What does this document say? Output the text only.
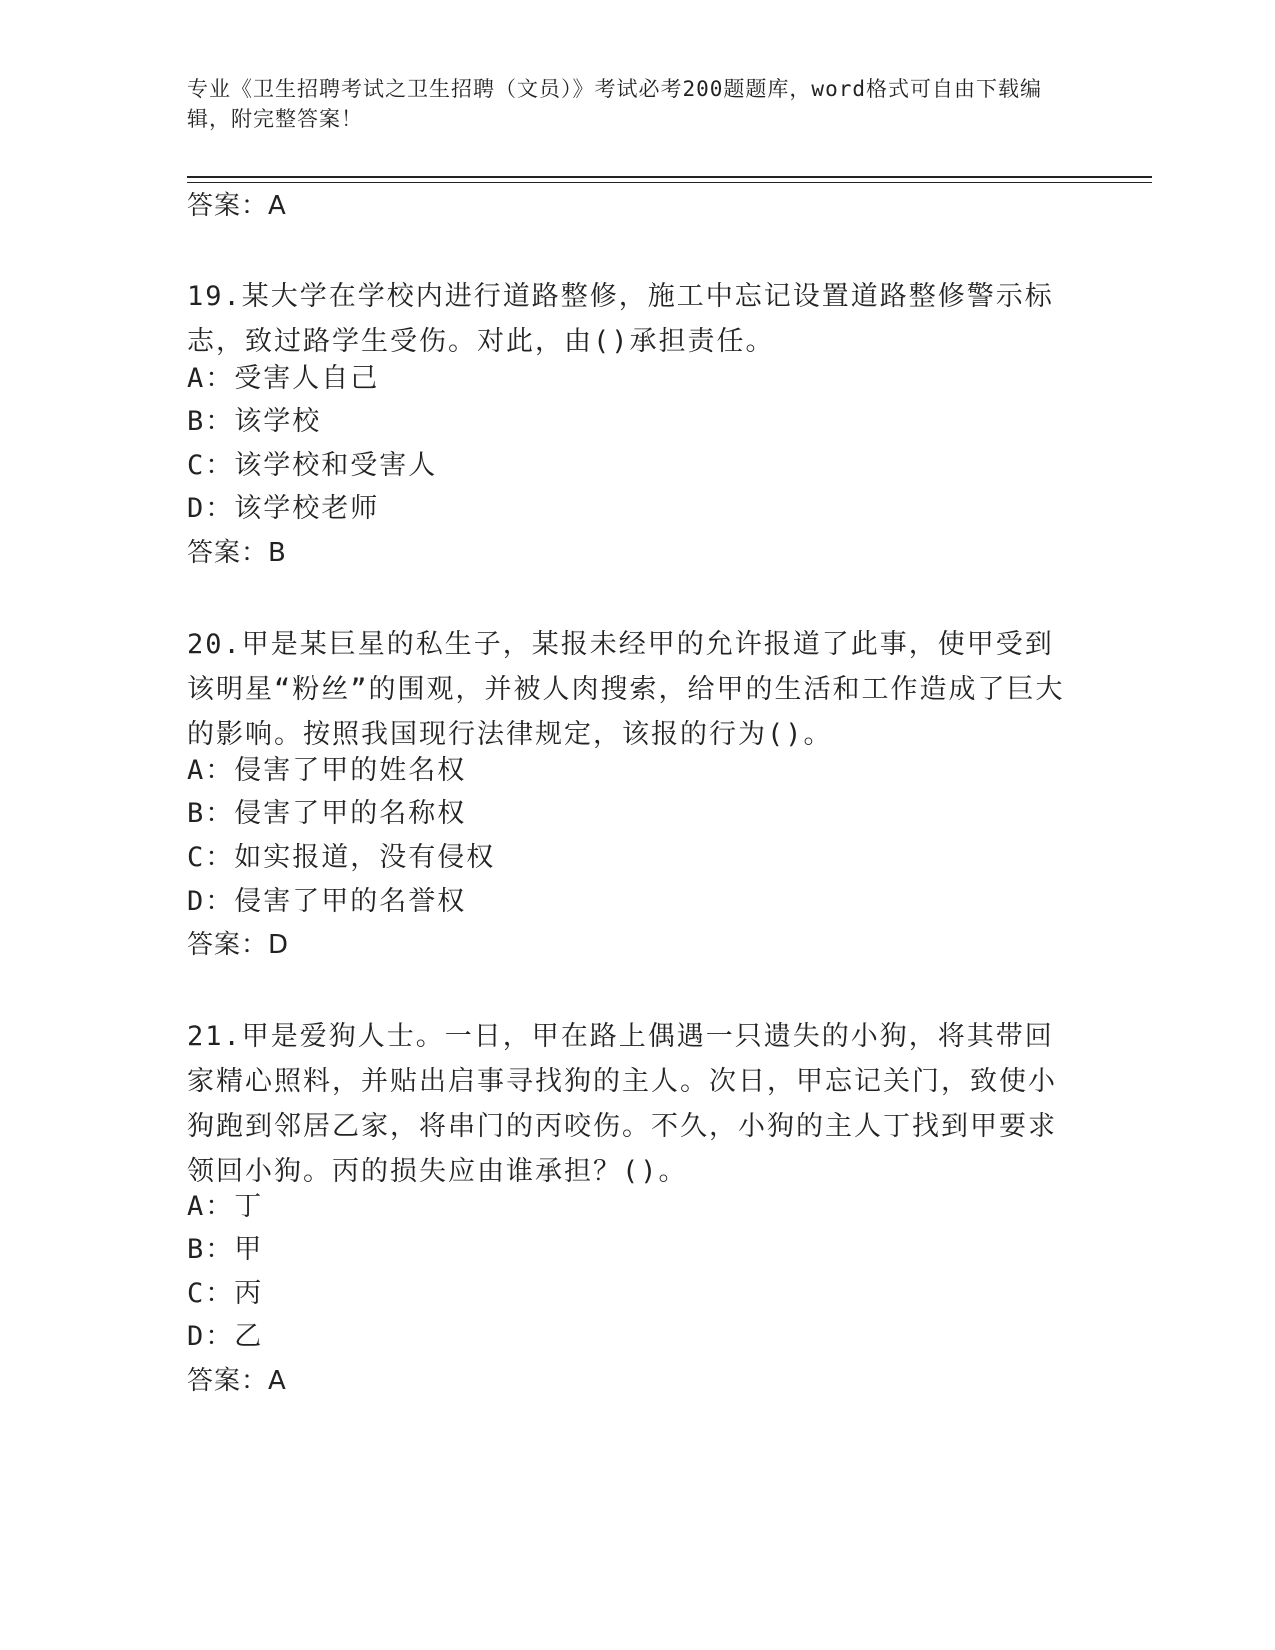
专业《卫生招聘考试之卫生招聘（文员）》考试必考200题题库，word格式可自由下载编辑，附完整答案！
答案：A
19.某大学在学校内进行道路整修，施工中忘记设置道路整修警示标志，致过路学生受伤。对此，由()承担责任。
A：受害人自己
B：该学校
C：该学校和受害人
D：该学校老师
答案：B
20.甲是某巨星的私生子，某报未经甲的允许报道了此事，使甲受到该明星“粉丝”的围观，并被人肉搜索，给甲的生活和工作造成了巨大的影响。按照我国现行法律规定，该报的行为()。
A：侵害了甲的姓名权
B：侵害了甲的名称权
C：如实报道，没有侵权
D：侵害了甲的名誉权
答案：D
21.甲是爱狗人士。一日，甲在路上偶遇一只遗失的小狗，将其带回家精心照料，并贴出启事寻找狗的主人。次日，甲忘记关门，致使小狗跑到邻居乙家，将串门的丙咬伤。不久，小狗的主人丁找到甲要求领回小狗。丙的损失应由谁承担？()。
A：丁
B：甲
C：丙
D：乙
答案：A
